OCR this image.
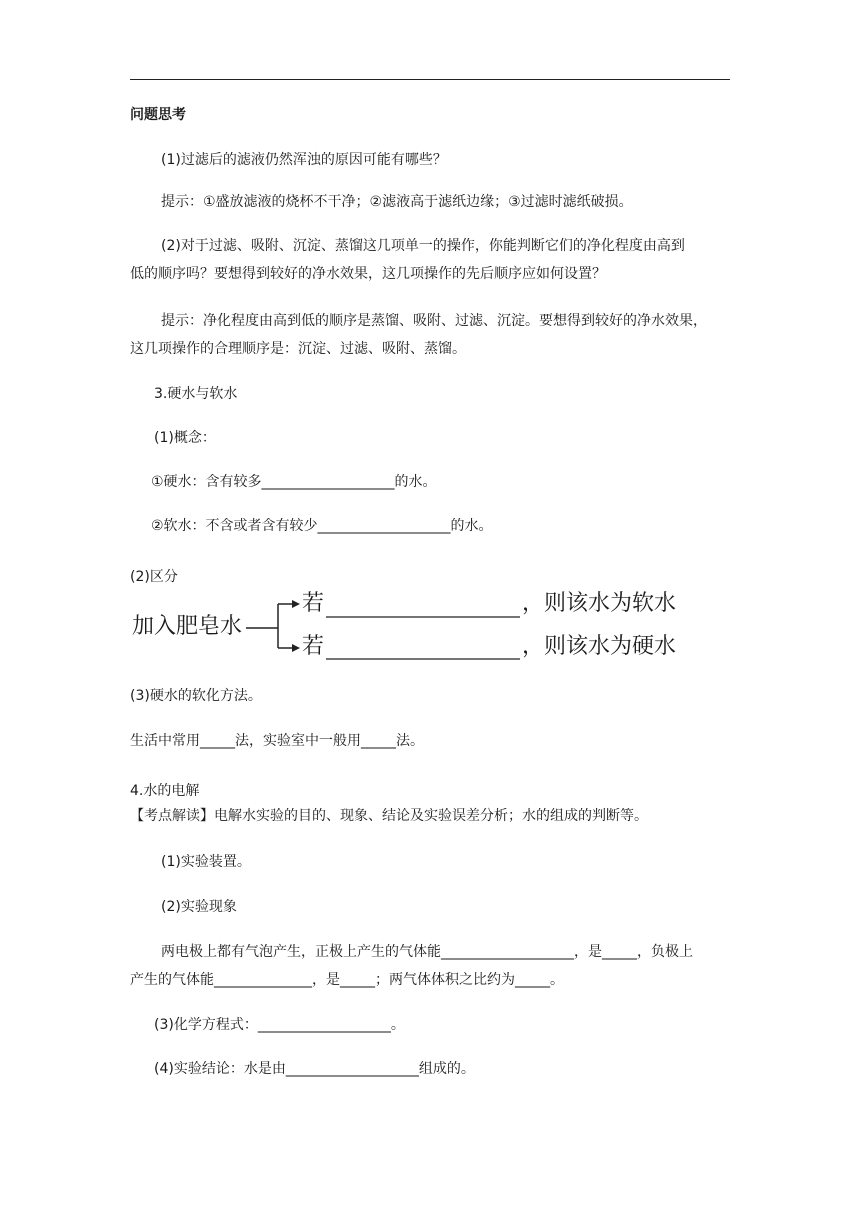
问题思考
(1)过滤后的滤液仍然浑浊的原因可能有哪些？
提示：①盛放滤液的烧杯不干净；②滤液高于滤纸边缘；③过滤时滤纸破损。
(2)对于过滤、吸附、沉淀、蒸馏这几项单一的操作，你能判断它们的净化程度由高到
低的顺序吗？要想得到较好的净水效果，这几项操作的先后顺序应如何设置？
提示：净化程度由高到低的顺序是蒸馏、吸附、过滤、沉淀。要想得到较好的净水效果，
这几项操作的合理顺序是：沉淀、过滤、吸附、蒸馏。
3.硬水与软水
(1)概念：
①硬水：含有较多___________________的水。
②软水：不含或者含有较少___________________的水。
(2)区分
加入肥皂水
若	，则该水为软水
若	，则该水为硬水
(3)硬水的软化方法。
生活中常用_____法，实验室中一般用_____法。
4.水的电解
【考点解读】电解水实验的目的、现象、结论及实验误差分析；水的组成的判断等。
(1)实验装置。
(2)实验现象
两电极上都有气泡产生，正极上产生的气体能___________________，是_____，负极上
产生的气体能______________，是_____；两气体体积之比约为_____。
(3)化学方程式：___________________。
(4)实验结论：水是由___________________组成的。
